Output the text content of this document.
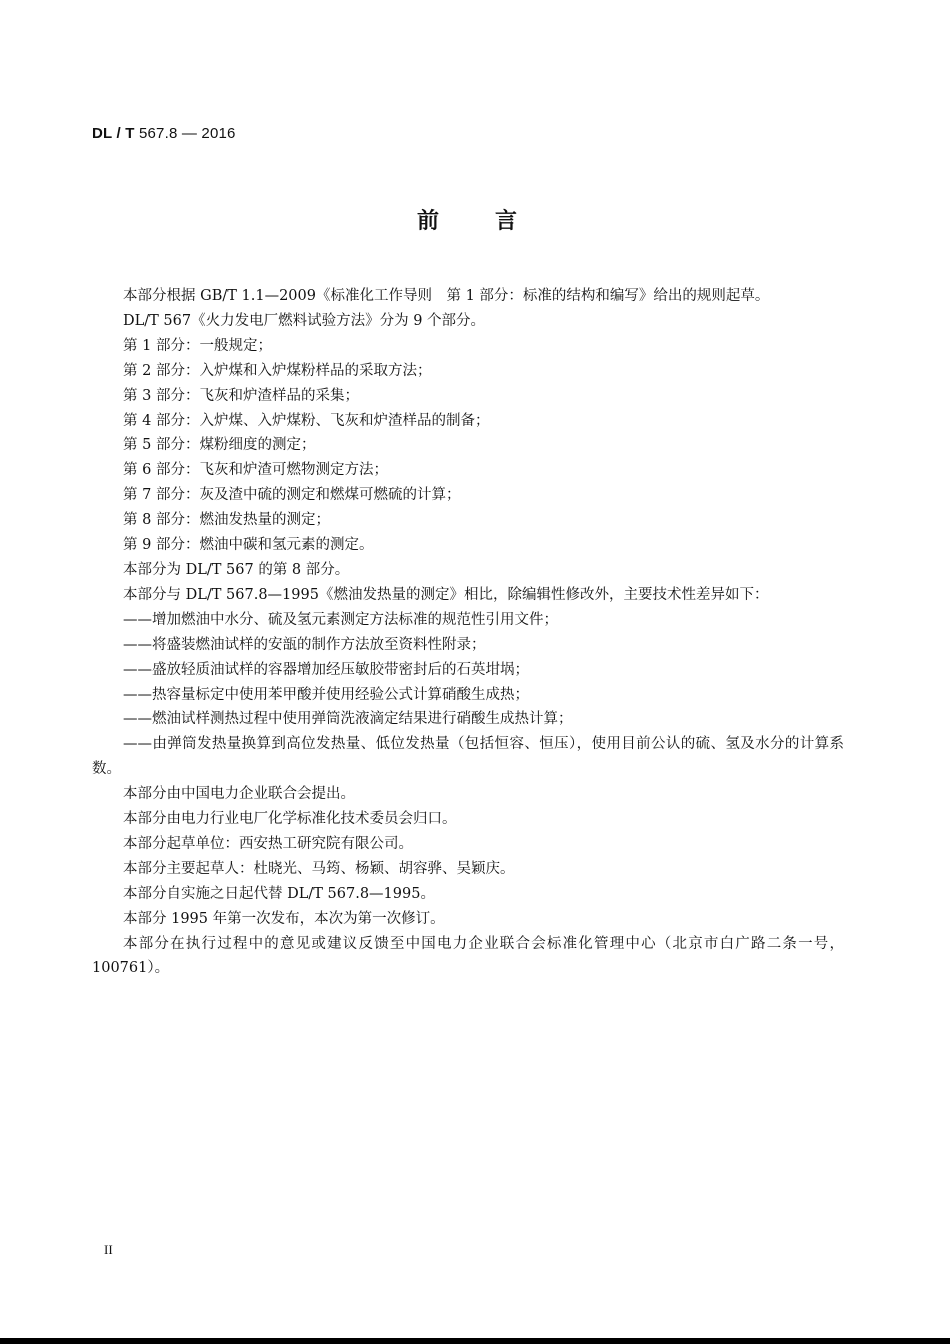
DL / T 567.8 — 2016
前言

本部分根据 GB/T 1.1—2009《标准化工作导则　第 1 部分：标准的结构和编写》给出的规则起草。

DL/T 567《火力发电厂燃料试验方法》分为 9 个部分。

第 1 部分：一般规定；

第 2 部分：入炉煤和入炉煤粉样品的采取方法；

第 3 部分：飞灰和炉渣样品的采集；

第 4 部分：入炉煤、入炉煤粉、飞灰和炉渣样品的制备；

第 5 部分：煤粉细度的测定；

第 6 部分：飞灰和炉渣可燃物测定方法；

第 7 部分：灰及渣中硫的测定和燃煤可燃硫的计算；

第 8 部分：燃油发热量的测定；

第 9 部分：燃油中碳和氢元素的测定。

本部分为 DL/T 567 的第 8 部分。

本部分与 DL/T 567.8—1995《燃油发热量的测定》相比，除编辑性修改外，主要技术性差异如下：

——增加燃油中水分、硫及氢元素测定方法标准的规范性引用文件；

——将盛装燃油试样的安瓿的制作方法放至资料性附录；

——盛放轻质油试样的容器增加经压敏胶带密封后的石英坩埚；

——热容量标定中使用苯甲酸并使用经验公式计算硝酸生成热；

——燃油试样测热过程中使用弹筒洗液滴定结果进行硝酸生成热计算；

——由弹筒发热量换算到高位发热量、低位发热量（包括恒容、恒压），使用目前公认的硫、氢及水分的计算系数。

本部分由中国电力企业联合会提出。

本部分由电力行业电厂化学标准化技术委员会归口。

本部分起草单位：西安热工研究院有限公司。

本部分主要起草人：杜晓光、马筠、杨颖、胡容骅、吴颖庆。

本部分自实施之日起代替 DL/T 567.8—1995。

本部分 1995 年第一次发布，本次为第一次修订。

本部分在执行过程中的意见或建议反馈至中国电力企业联合会标准化管理中心（北京市白广路二条一号，100761）。

II
